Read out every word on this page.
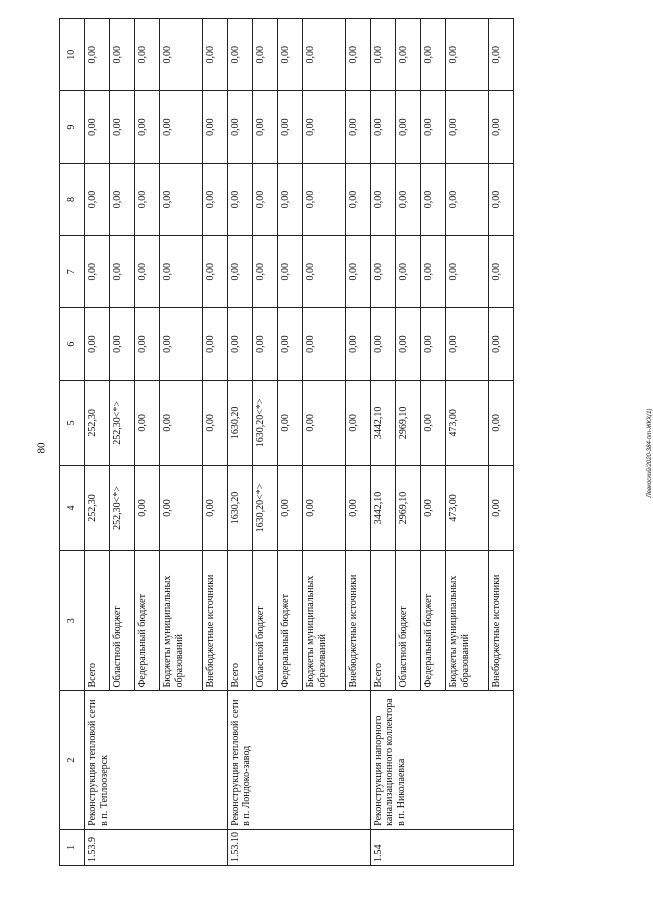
80	Левкоский/2020-384-пт-ЖКХ(1)
1	2	3	4	5	6	7	8	9	10
1.53.9	Реконструкция тепловой сети в п. Теплоозерск	Всего	252,30	252,30	0,00	0,00	0,00	0,00	0,00
		Областной бюджет	252,30<*>	252,30<*>	0,00	0,00	0,00	0,00	0,00
		Федеральный бюджет	0,00	0,00	0,00	0,00	0,00	0,00	0,00
		Бюджеты муниципальных образований	0,00	0,00	0,00	0,00	0,00	0,00	0,00
		Внебюджетные источники	0,00	0,00	0,00	0,00	0,00	0,00	0,00
1.53.10	Реконструкция тепловой сети в п. Лондоко-завод	Всего	1630,20	1630,20	0,00	0,00	0,00	0,00	0,00
		Областной бюджет	1630,20<*>	1630,20<*>	0,00	0,00	0,00	0,00	0,00
		Федеральный бюджет	0,00	0,00	0,00	0,00	0,00	0,00	0,00
		Бюджеты муниципальных образований	0,00	0,00	0,00	0,00	0,00	0,00	0,00
		Внебюджетные источники	0,00	0,00	0,00	0,00	0,00	0,00	0,00
1.54	Реконструкция напорного канализационного коллектора в п. Николаевка	Всего	3442,10	3442,10	0,00	0,00	0,00	0,00	0,00
		Областной бюджет	2969,10	2969,10	0,00	0,00	0,00	0,00	0,00
		Федеральный бюджет	0,00	0,00	0,00	0,00	0,00	0,00	0,00
		Бюджеты муниципальных образований	473,00	473,00	0,00	0,00	0,00	0,00	0,00
		Внебюджетные источники	0,00	0,00	0,00	0,00	0,00	0,00	0,00
